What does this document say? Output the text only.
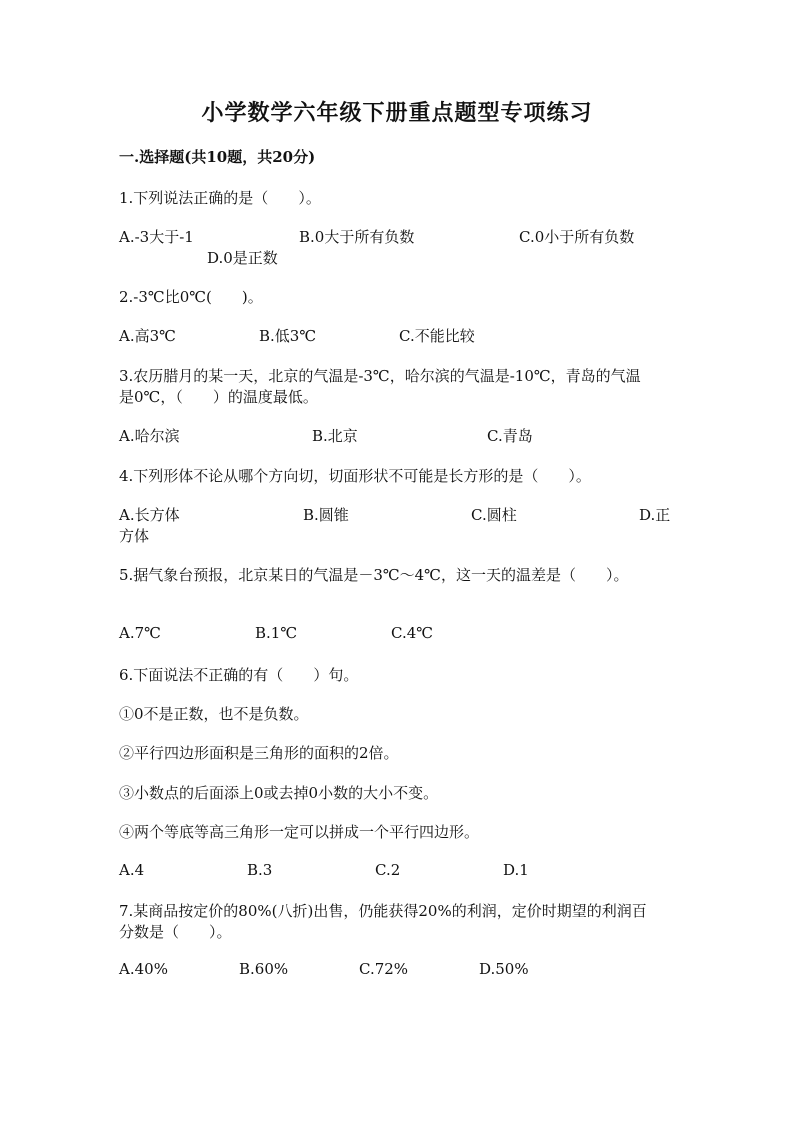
小学数学六年级下册重点题型专项练习
一.选择题(共10题，共20分)
1.下列说法正确的是（　　）。
A.-3大于-1	B.0大于所有负数	C.0小于所有负数
D.0是正数
2.-3℃比0℃(　　)。
A.高3℃	B.低3℃	C.不能比较
3.农历腊月的某一天，北京的气温是-3℃，哈尔滨的气温是-10℃，青岛的气温
是0℃，（　　）的温度最低。
A.哈尔滨	B.北京	C.青岛
4.下列形体不论从哪个方向切，切面形状不可能是长方形的是（　　）。
A.长方体	B.圆锥	C.圆柱	D.正
方体
5.据气象台预报，北京某日的气温是－3℃～4℃，这一天的温差是（　　）。
A.7℃	B.1℃	C.4℃
6.下面说法不正确的有（　　）句。
①0不是正数，也不是负数。
②平行四边形面积是三角形的面积的2倍。
③小数点的后面添上0或去掉0小数的大小不变。
④两个等底等高三角形一定可以拼成一个平行四边形。
A.4	B.3	C.2	D.1
7.某商品按定价的80%(八折)出售，仍能获得20%的利润，定价时期望的利润百
分数是（　　）。
A.40%	B.60%	C.72%	D.50%
